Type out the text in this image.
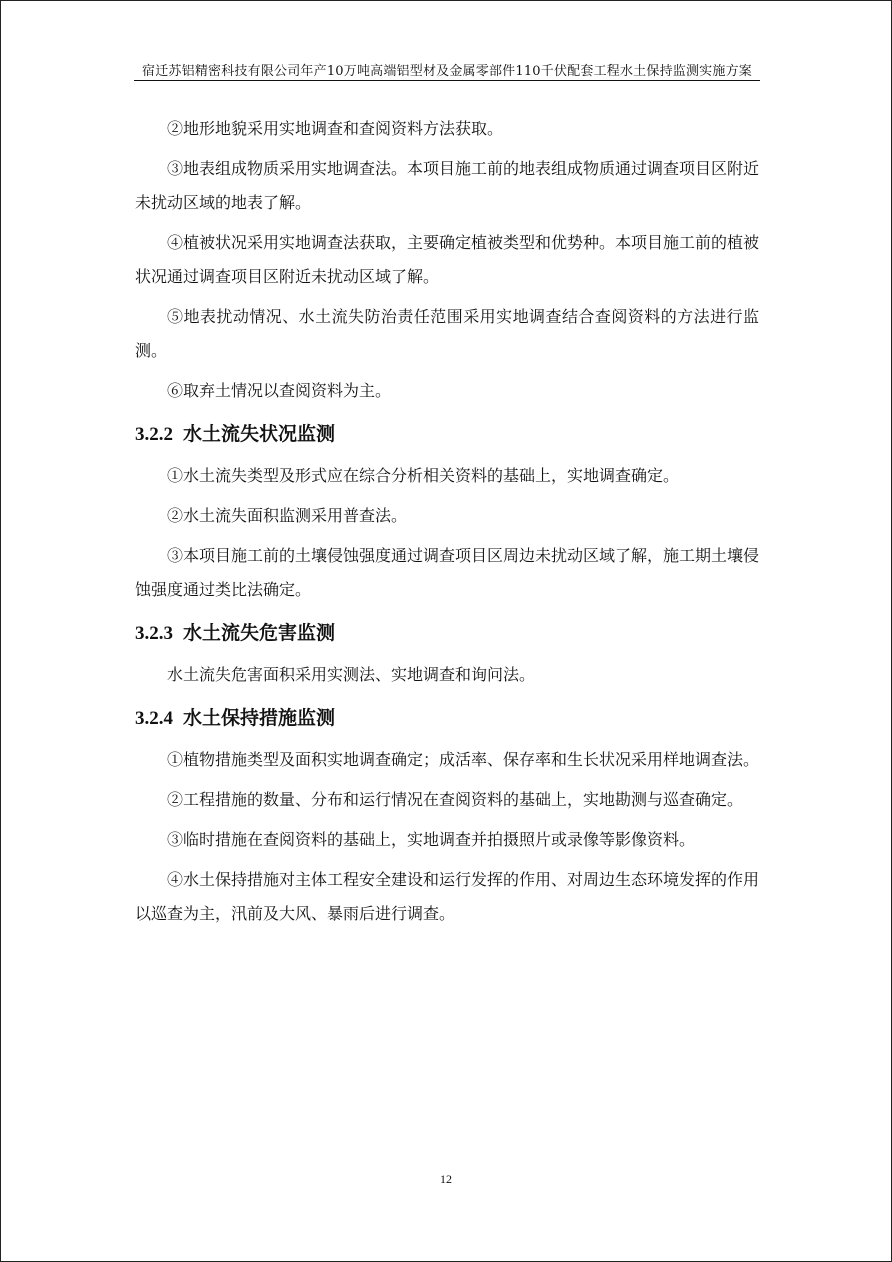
宿迁苏铝精密科技有限公司年产10万吨高端铝型材及金属零部件110千伏配套工程水土保持监测实施方案

②地形地貌采用实地调查和查阅资料方法获取。

③地表组成物质采用实地调查法。本项目施工前的地表组成物质通过调查项目区附近未扰动区域的地表了解。

④植被状况采用实地调查法获取，主要确定植被类型和优势种。本项目施工前的植被状况通过调查项目区附近未扰动区域了解。

⑤地表扰动情况、水土流失防治责任范围采用实地调查结合查阅资料的方法进行监测。

⑥取弃土情况以查阅资料为主。

3.2.2 水土流失状况监测

①水土流失类型及形式应在综合分析相关资料的基础上，实地调查确定。

②水土流失面积监测采用普查法。

③本项目施工前的土壤侵蚀强度通过调查项目区周边未扰动区域了解，施工期土壤侵蚀强度通过类比法确定。

3.2.3 水土流失危害监测

水土流失危害面积采用实测法、实地调查和询问法。

3.2.4 水土保持措施监测

①植物措施类型及面积实地调查确定；成活率、保存率和生长状况采用样地调查法。

②工程措施的数量、分布和运行情况在查阅资料的基础上，实地勘测与巡查确定。

③临时措施在查阅资料的基础上，实地调查并拍摄照片或录像等影像资料。

④水土保持措施对主体工程安全建设和运行发挥的作用、对周边生态环境发挥的作用以巡查为主，汛前及大风、暴雨后进行调查。

12
